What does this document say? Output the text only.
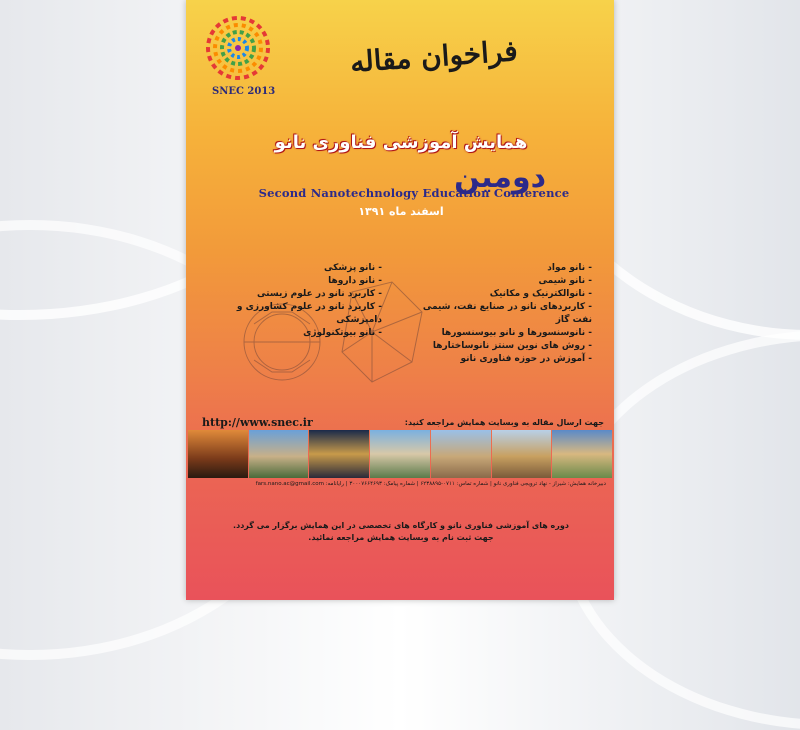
SNEC 2013
فراخوان مقاله
همایش آموزشی فناوری نانو
دومین
Second Nanotechnology Education Conference
اسفند ماه ۱۳۹۱
- نانو مواد
- نانو شیمی
- نانوالکترنیک و مکانیک
- کاربردهای نانو در صنایع نفت، شیمی نفت گاز
- نانوسنسورها و نانو بیوسنسورها
- روش های نوین سنتز نانوساختارها
- آموزش در حوزه فناوری نانو
- نانو پزشکی
- نانو داروها
- کاربرد نانو در علوم زیستی
- کاربرد نانو در علوم کشاورزی و دامپزشکی
- نانو بیوتکنولوژی
http://www.snec.ir	جهت ارسال مقاله به وبسایت همایش مراجعه کنید:
دبیرخانه همایش: شیراز - نهاد ترویجی فناوری نانو | شماره تماس: ۰۷۱۱-۶۲۳۸۸۹۵ | شماره پیامک: ۳۰۰۰۷۶۶۴۶۹۳ | رایانامه: fars.nano.ac@gmail.com
دوره های آموزشی فناوری نانو و کارگاه های تخصصی در این همایش برگزار می گردد.
جهت ثبت نام به وبسایت همایش مراجعه نمائید.
